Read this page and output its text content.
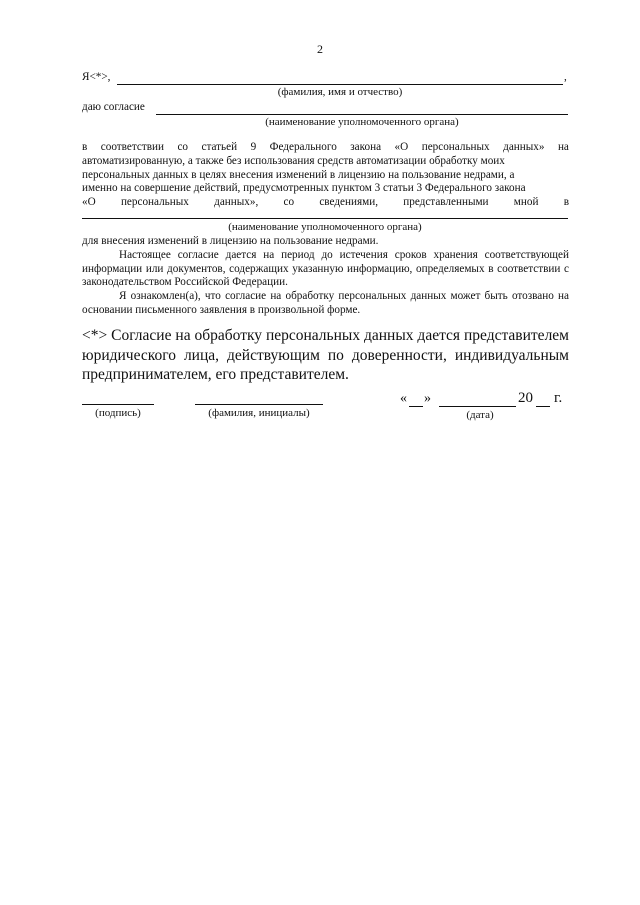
2
Я<*>,	,
(фамилия, имя и отчество)
даю согласие
(наименование уполномоченного органа)
в соответствии со статьей 9 Федерального закона «О персональных данных» на
автоматизированную, а также без использования средств автоматизации обработку моих
персональных данных в целях внесения изменений в лицензию на пользование недрами, а
именно на совершение действий, предусмотренных пунктом 3 статьи 3 Федерального закона
«О персональных данных», со сведениями, представленными мной в
(наименование уполномоченного органа)

для внесения изменений в лицензию на пользование недрами.

Настоящее согласие дается на период до истечения сроков хранения соответствующей информации или документов, содержащих указанную информацию, определяемых в соответствии с законодательством Российской Федерации.

Я ознакомлен(а), что согласие на обработку персональных данных может быть отозвано на основании письменного заявления в произвольной форме.

<*> Согласие на обработку персональных данных дается представителем юридического лица, действующим по доверенности, индивидуальным предпринимателем, его представителем.
(подпись)	(фамилия, инициалы)
« »	20 г.
(дата)
